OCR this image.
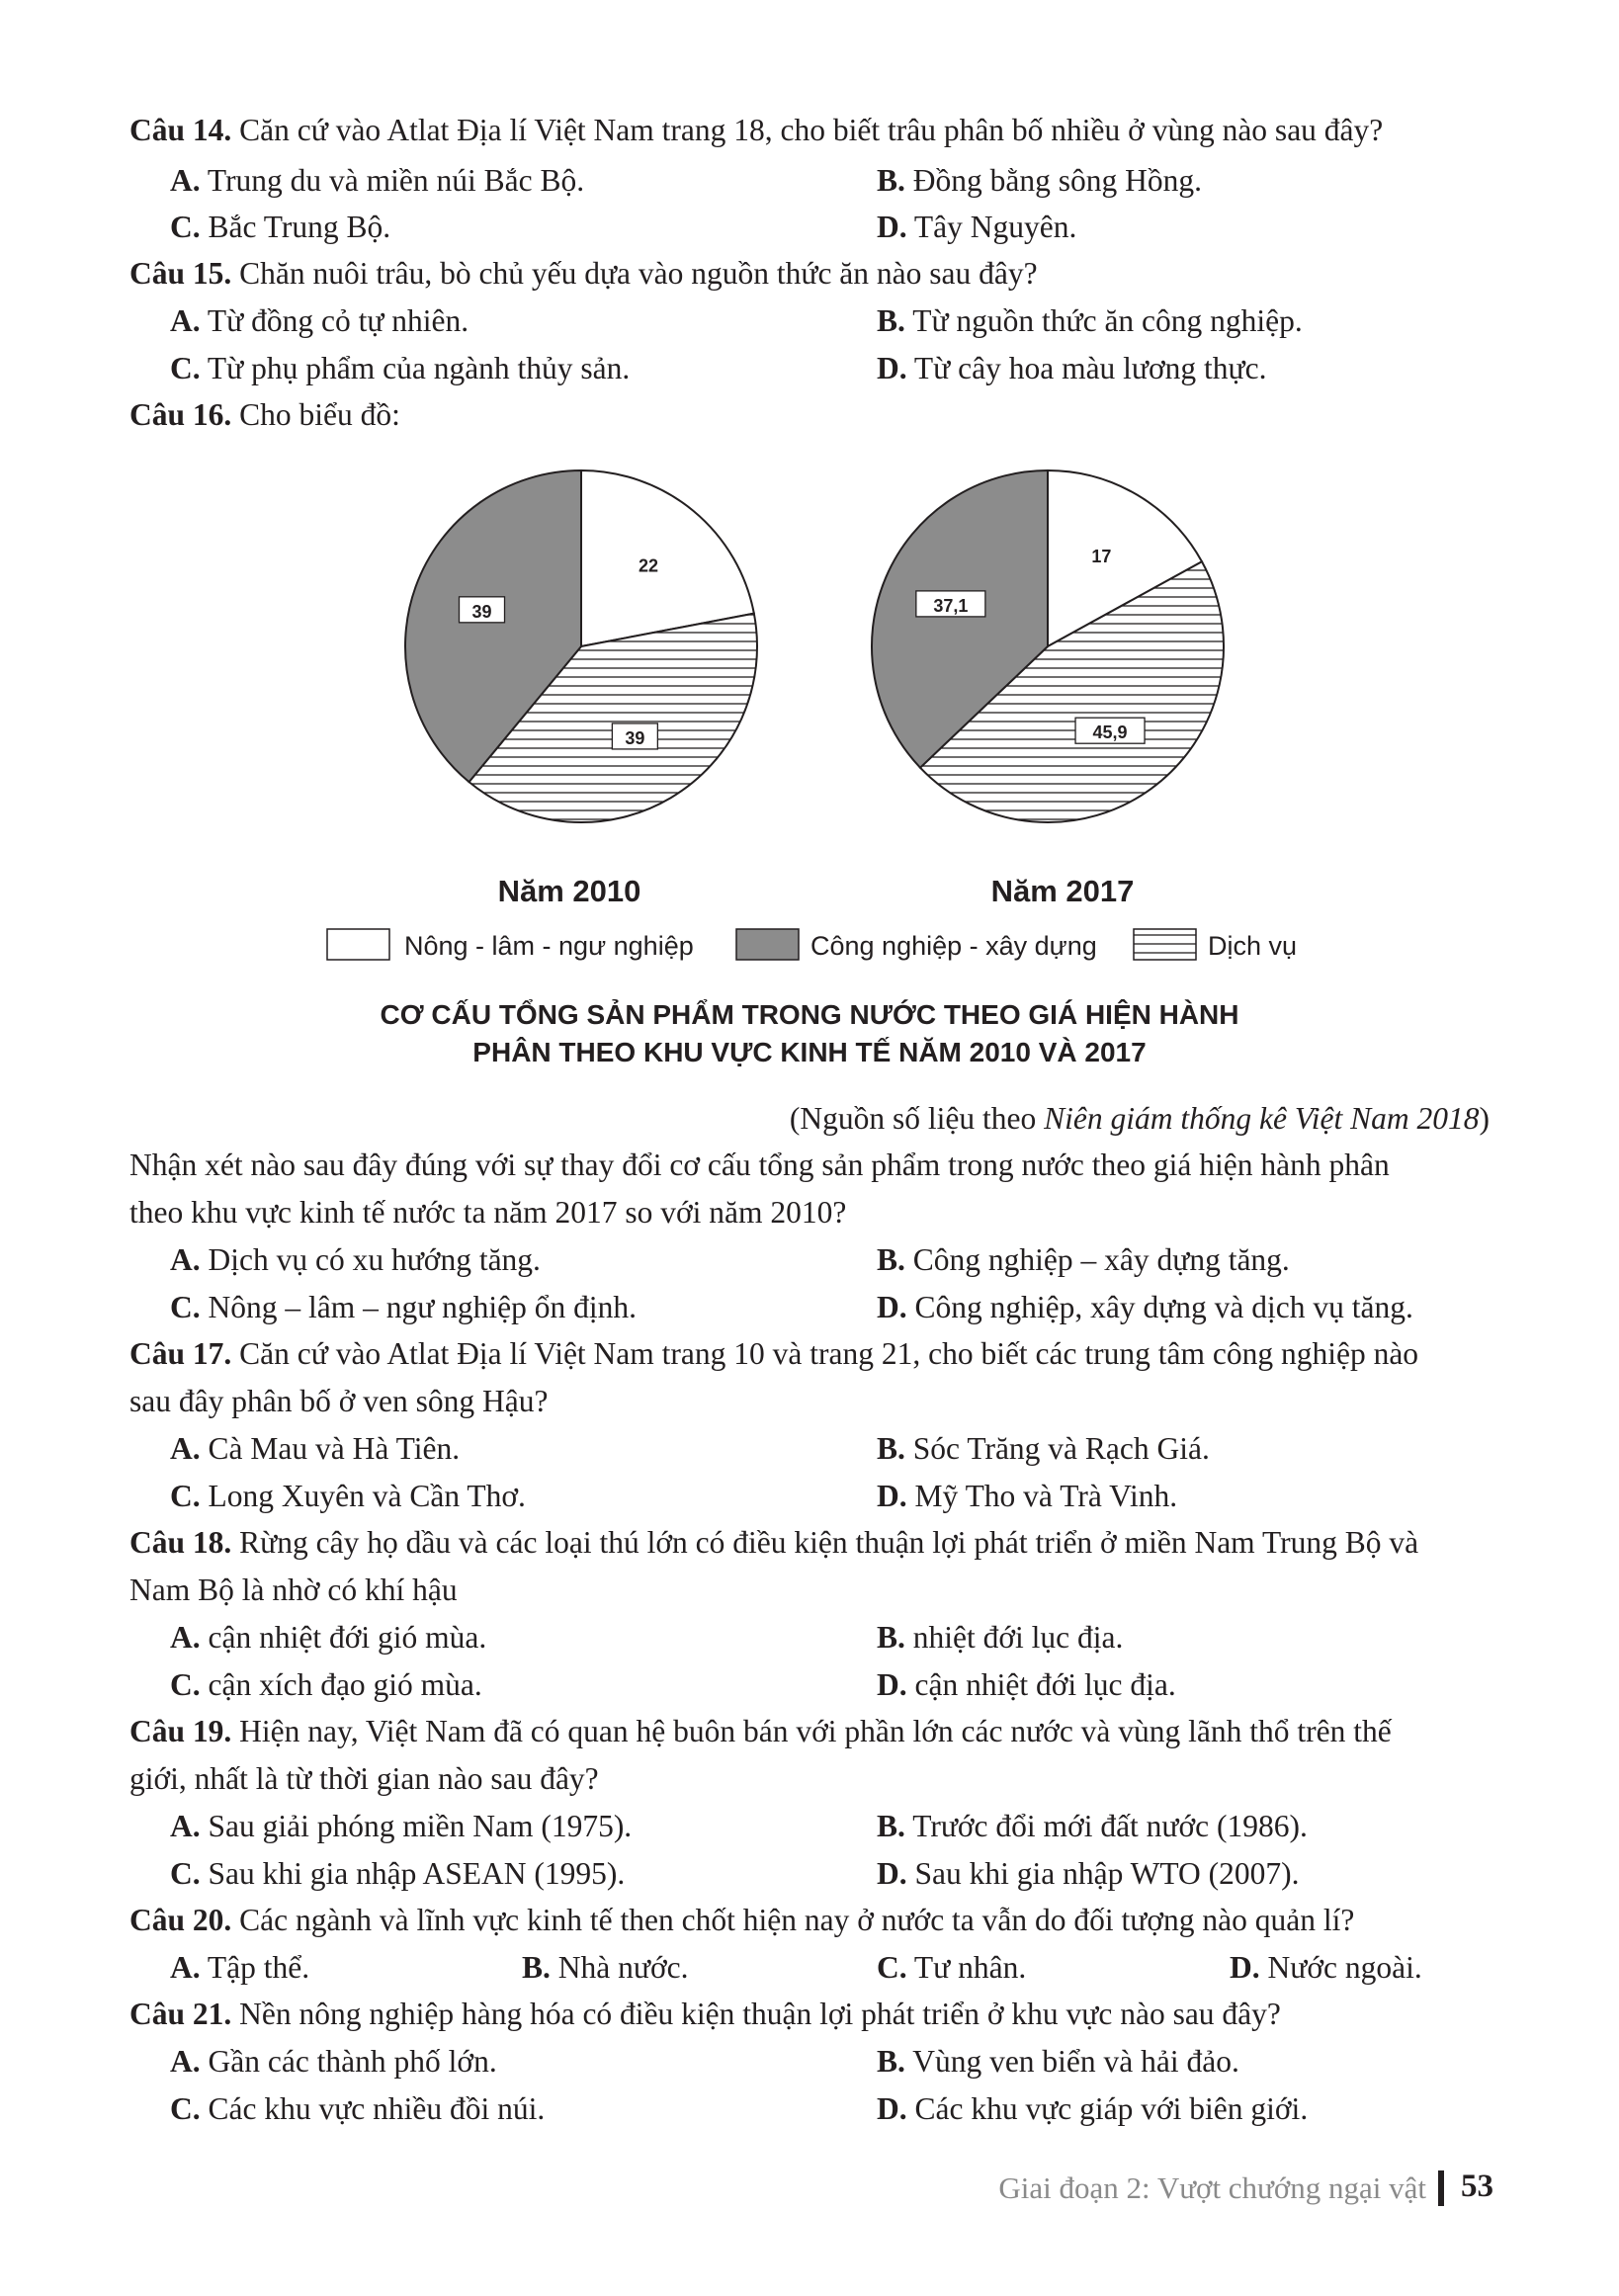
Câu 14. Căn cứ vào Atlat Địa lí Việt Nam trang 18, cho biết trâu phân bố nhiều ở vùng nào sau đây?
A. Trung du và miền núi Bắc Bộ.	B. Đồng bằng sông Hồng.
C. Bắc Trung Bộ.	D. Tây Nguyên.
Câu 15. Chăn nuôi trâu, bò chủ yếu dựa vào nguồn thức ăn nào sau đây?
A. Từ đồng cỏ tự nhiên.	B. Từ nguồn thức ăn công nghiệp.
C. Từ phụ phẩm của ngành thủy sản.	D. Từ cây hoa màu lương thực.
Câu 16. Cho biểu đồ:
22
39
39
17
45,9
37,1
Năm 2010	Năm 2017
Nông - lâm - ngư nghiệp	Công nghiệp - xây dựng	Dịch vụ
CƠ CẤU TỔNG SẢN PHẨM TRONG NƯỚC THEO GIÁ HIỆN HÀNH
PHÂN THEO KHU VỰC KINH TẾ NĂM 2010 VÀ 2017
(Nguồn số liệu theo Niên giám thống kê Việt Nam 2018)
Nhận xét nào sau đây đúng với sự thay đổi cơ cấu tổng sản phẩm trong nước theo giá hiện hành phân
theo khu vực kinh tế nước ta năm 2017 so với năm 2010?
A. Dịch vụ có xu hướng tăng.	B. Công nghiệp – xây dựng tăng.
C. Nông – lâm – ngư nghiệp ổn định.	D. Công nghiệp, xây dựng và dịch vụ tăng.
Câu 17. Căn cứ vào Atlat Địa lí Việt Nam trang 10 và trang 21, cho biết các trung tâm công nghiệp nào
sau đây phân bố ở ven sông Hậu?
A. Cà Mau và Hà Tiên.	B. Sóc Trăng và Rạch Giá.
C. Long Xuyên và Cần Thơ.	D. Mỹ Tho và Trà Vinh.
Câu 18. Rừng cây họ dầu và các loại thú lớn có điều kiện thuận lợi phát triển ở miền Nam Trung Bộ và
Nam Bộ là nhờ có khí hậu
A. cận nhiệt đới gió mùa.	B. nhiệt đới lục địa.
C. cận xích đạo gió mùa.	D. cận nhiệt đới lục địa.
Câu 19. Hiện nay, Việt Nam đã có quan hệ buôn bán với phần lớn các nước và vùng lãnh thổ trên thế
giới, nhất là từ thời gian nào sau đây?
A. Sau giải phóng miền Nam (1975).	B. Trước đổi mới đất nước (1986).
C. Sau khi gia nhập ASEAN (1995).	D. Sau khi gia nhập WTO (2007).
Câu 20. Các ngành và lĩnh vực kinh tế then chốt hiện nay ở nước ta vẫn do đối tượng nào quản lí?
A. Tập thể.	B. Nhà nước.	C. Tư nhân.	D. Nước ngoài.
Câu 21. Nền nông nghiệp hàng hóa có điều kiện thuận lợi phát triển ở khu vực nào sau đây?
A. Gần các thành phố lớn.	B. Vùng ven biển và hải đảo.
C. Các khu vực nhiều đồi núi.	D. Các khu vực giáp với biên giới.
Giai đoạn 2: Vượt chướng ngại vật 53
